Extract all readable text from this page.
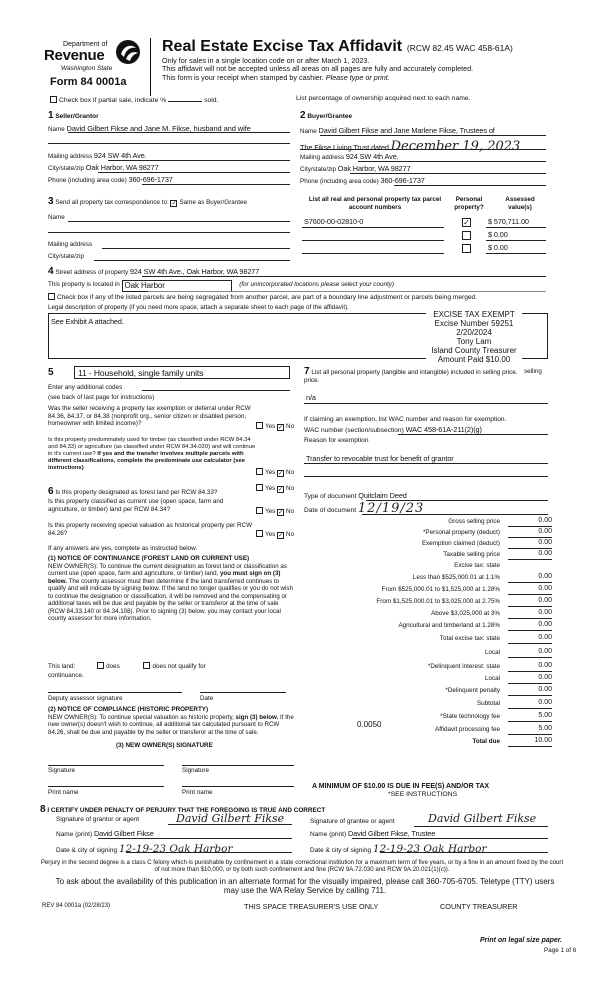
Department of
Revenue
Washington State
Form 84 0001a
Real Estate Excise Tax Affidavit (RCW 82.45 WAC 458-61A)
Only for sales in a single location code on or after March 1, 2023.
This affidavit will not be accepted unless all areas on all pages are fully and accurately completed.
This form is your receipt when stamped by cashier. Please type or print.
Check box if partial sale, indicate %	sold.	List percentage of ownership acquired next to each name.
1 Seller/Grantor
Name David Gilbert Fikse and Jane M. Fikse, husband and wife
Mailing address 924 SW 4th Ave.
City/state/zip Oak Harbor, WA 98277
Phone (including area code) 360-696-1737
2 Buyer/Grantee
Name David Gilbert Fikse and Jane Marlene Fikse, Trustees of
The Fikse Living Trust dated December 19, 2023
Mailing address 924 SW 4th Ave.
City/state/zip Oak Harbor, WA 98277
Phone (including area code) 360-696-1737
3 Send all property tax correspondence to: ✓ Same as Buyer/Grantee
Name
Mailing address
City/state/zip
List all real and personal property tax parcel account numbers
Personal property?
Assessed value(s)
S7600-00-02810-0	✓ $ 570,711.00
$ 0.00
$ 0.00
4 Street address of property 924 SW 4th Ave., Oak Harbor, WA 98277
This property is located in Oak Harbor	(for unincorporated locations please select your county)
Check box if any of the listed parcels are being segregated from another parcel, are part of a boundary line adjustment or parcels being merged.
Legal description of property (if you need more space, attach a separate sheet to each page of the affidavit).
See Exhibit A attached.
EXCISE TAX EXEMPT
Excise Number 59251
2/20/2024
Tony Lam
Island County Treasurer
Amount Paid $10.00
5	11 - Household, single family units
Enter any additional codes
(see back of last page for instructions)
Was the seller receiving a property tax exemption or deferral under RCW 84.36, 84.37, or 84.38 (nonprofit org., senior citizen or disabled person, homeowner with limited income)?	Yes ✓ No
Is this property predominately used for timber (as classified under RCW 84.34 and 84.33) or agriculture (as classified under RCW 84.34.020) and will continue in it's current use? If yes and the transfer involves multiple parcels with different classifications, complete the predominate use calculator (see instructions)
Yes ✓ No
6 Is this property designated as forest land per RCW 84.33?
Yes ✓ No
Is this property classified as current use (open space, farm and agriculture, or timber) land per RCW 84.34?	Yes ✓ No
Is this property receiving special valuation as historical property per RCW 84.26?	Yes ✓ No
If any answers are yes, complete as instructed below.
(1) NOTICE OF CONTINUANCE (FOREST LAND OR CURRENT USE)
NEW OWNER(S): To continue the current designation as forest land or classification as current use (open space, farm and agriculture, or timber) land, you must sign on (3) below. The county assessor must then determine if the land transferred continues to qualify and will indicate by signing below. If the land no longer qualifies or you do not wish to continue the designation or classification, it will be removed and the compensating or additional taxes will be due and payable by the seller or transferor at the time of sale (RCW 84.33.140 or 84.34.108). Prior to signing (3) below, you may contact your local county assessor for more information.
This land:	does	does not qualify for
continuance.
Deputy assessor signature	Date
(2) NOTICE OF COMPLIANCE (HISTORIC PROPERTY)
NEW OWNER(S): To continue special valuation as historic property, sign (3) below. If the new owner(s) doesn't wish to continue, all additional tax calculated pursuant to RCW 84.26, shall be due and payable by the seller or transferor at the time of sale.
(3) NEW OWNER(S) SIGNATURE
Signature	Signature
Print name	Print name
7 List all personal property (tangible and intangible) included in selling price. selling
price.
n/a
If claiming an exemption, list WAC number and reason for exemption.
WAC number (section/subsection) WAC 458-61A-211(2)(g)
Reason for exemption
Transfer to revocable trust for benefit of grantor
Type of document Quitclaim Deed
Date of document 12/19/23
Gross selling price	0.00
*Personal property (deduct)	0.00
Exemption claimed (deduct)	0.00
Taxable selling price	0.00
Excise tax: state
Less than $525,000.01 at 1.1%	0.00
From $525,000.01 to $1,525,000 at 1.28%	0.00
From $1,525,000.01 to $3,025,000 at 2.75%	0.00
Above $3,025,000 at 3%	0.00
Agricultural and timberland at 1.28%	0.00
Total excise tax: state	0.00
Local	0.00
*Delinquent interest: state	0.00
Local	0.00
*Delinquent penalty	0.00
Subtotal	0.00
*State technology fee	5.00
Affidavit processing fee	5.00
Total due	10.00
0.0050
A MINIMUM OF $10.00 IS DUE IN FEE(S) AND/OR TAX
*SEE INSTRUCTIONS
8 I CERTIFY UNDER PENALTY OF PERJURY THAT THE FOREGOING IS TRUE AND CORRECT
Signature of grantor or agent	David Gilbert Fikse
Name (print) David Gilbert Fikse
Date & city of signing 12-19-23 Oak Harbor
Signature of grantee or agent	David Gilbert Fikse
Name (print) David Gilbert Fikse, Trustee
Date & city of signing 12-19-23 Oak Harbor
Perjury in the second degree is a class C felony which is punishable by confinement in a state correctional institution for a maximum term of five years, or by a fine in an amount fixed by the court of not more than $10,000, or by both such confinement and fine (RCW 9A.72.030 and RCW 9A.20.021(1)(c)).
To ask about the availability of this publication in an alternate format for the visually impaired, please call 360-705-6705. Teletype (TTY) users may use the WA Relay Service by calling 711.
REV 84 0001a (02/28/23)	THIS SPACE TREASURER'S USE ONLY	COUNTY TREASURER
Print on legal size paper.
Page 1 of 6
